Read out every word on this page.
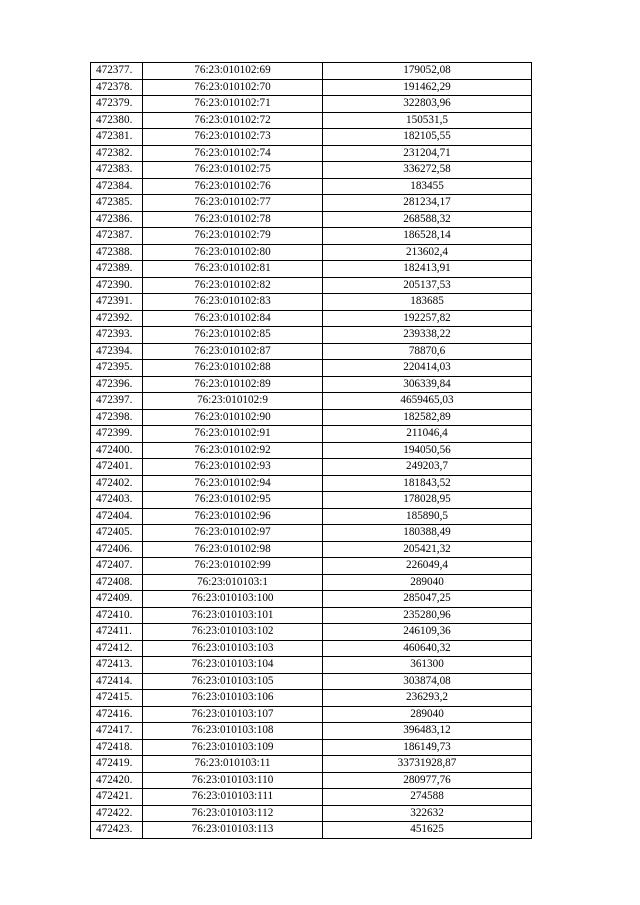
472377.	76:23:010102:69	179052,08
472378.	76:23:010102:70	191462,29
472379.	76:23:010102:71	322803,96
472380.	76:23:010102:72	150531,5
472381.	76:23:010102:73	182105,55
472382.	76:23:010102:74	231204,71
472383.	76:23:010102:75	336272,58
472384.	76:23:010102:76	183455
472385.	76:23:010102:77	281234,17
472386.	76:23:010102:78	268588,32
472387.	76:23:010102:79	186528,14
472388.	76:23:010102:80	213602,4
472389.	76:23:010102:81	182413,91
472390.	76:23:010102:82	205137,53
472391.	76:23:010102:83	183685
472392.	76:23:010102:84	192257,82
472393.	76:23:010102:85	239338,22
472394.	76:23:010102:87	78870,6
472395.	76:23:010102:88	220414,03
472396.	76:23:010102:89	306339,84
472397.	76:23:010102:9	4659465,03
472398.	76:23:010102:90	182582,89
472399.	76:23:010102:91	211046,4
472400.	76:23:010102:92	194050,56
472401.	76:23:010102:93	249203,7
472402.	76:23:010102:94	181843,52
472403.	76:23:010102:95	178028,95
472404.	76:23:010102:96	185890,5
472405.	76:23:010102:97	180388,49
472406.	76:23:010102:98	205421,32
472407.	76:23:010102:99	226049,4
472408.	76:23:010103:1	289040
472409.	76:23:010103:100	285047,25
472410.	76:23:010103:101	235280,96
472411.	76:23:010103:102	246109,36
472412.	76:23:010103:103	460640,32
472413.	76:23:010103:104	361300
472414.	76:23:010103:105	303874,08
472415.	76:23:010103:106	236293,2
472416.	76:23:010103:107	289040
472417.	76:23:010103:108	396483,12
472418.	76:23:010103:109	186149,73
472419.	76:23:010103:11	33731928,87
472420.	76:23:010103:110	280977,76
472421.	76:23:010103:111	274588
472422.	76:23:010103:112	322632
472423.	76:23:010103:113	451625
